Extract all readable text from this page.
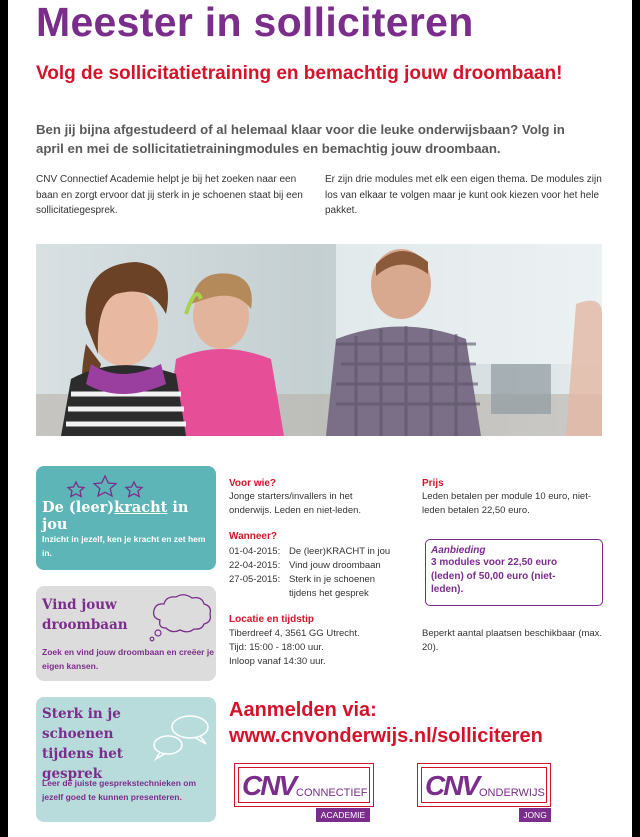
Meester in solliciteren
Volg de sollicitatietraining en bemachtig jouw droombaan!
Ben jij bijna afgestudeerd of al helemaal klaar voor die leuke onderwijsbaan? Volg in april en mei de sollicitatietrainingmodules en bemachtig jouw droombaan.
CNV Connectief Academie helpt je bij het zoeken naar een baan en zorgt ervoor dat jij sterk in je schoenen staat bij een sollicitatiegesprek.
Er zijn drie modules met elk een eigen thema. De modules zijn los van elkaar te volgen maar je kunt ook kiezen voor het hele pakket.
De (leer)kracht in jou
Inzicht in jezelf, ken je kracht en zet hem in.
Vind jouw droombaan
Zoek en vind jouw droombaan en creëer je eigen kansen.
Sterk in je schoenen tijdens het gesprek
Leer de juiste gesprekstechnieken om jezelf goed te kunnen presenteren.
Voor wie?
Jonge starters/invallers in het onderwijs. Leden en niet-leden.
Wanneer?
01-04-2015: De (leer)KRACHT in jou
22-04-2015: Vind jouw droombaan
27-05-2015: Sterk in je schoenen tijdens het gesprek
Locatie en tijdstip
Tiberdreef 4, 3561 GG Utrecht.
Tijd: 15:00 - 18:00 uur.
Inloop vanaf 14:30 uur.
Prijs
Leden betalen per module 10 euro, niet-leden betalen 22,50 euro.
Aanbieding
3 modules voor 22,50 euro (leden) of 50,00 euro (niet-leden).
Beperkt aantal plaatsen beschikbaar (max. 20).
Aanmelden via:
www.cnvonderwijs.nl/solliciteren
CNV CONNECTIEF
ACADEMIE
CNV ONDERWIJS
JONG
